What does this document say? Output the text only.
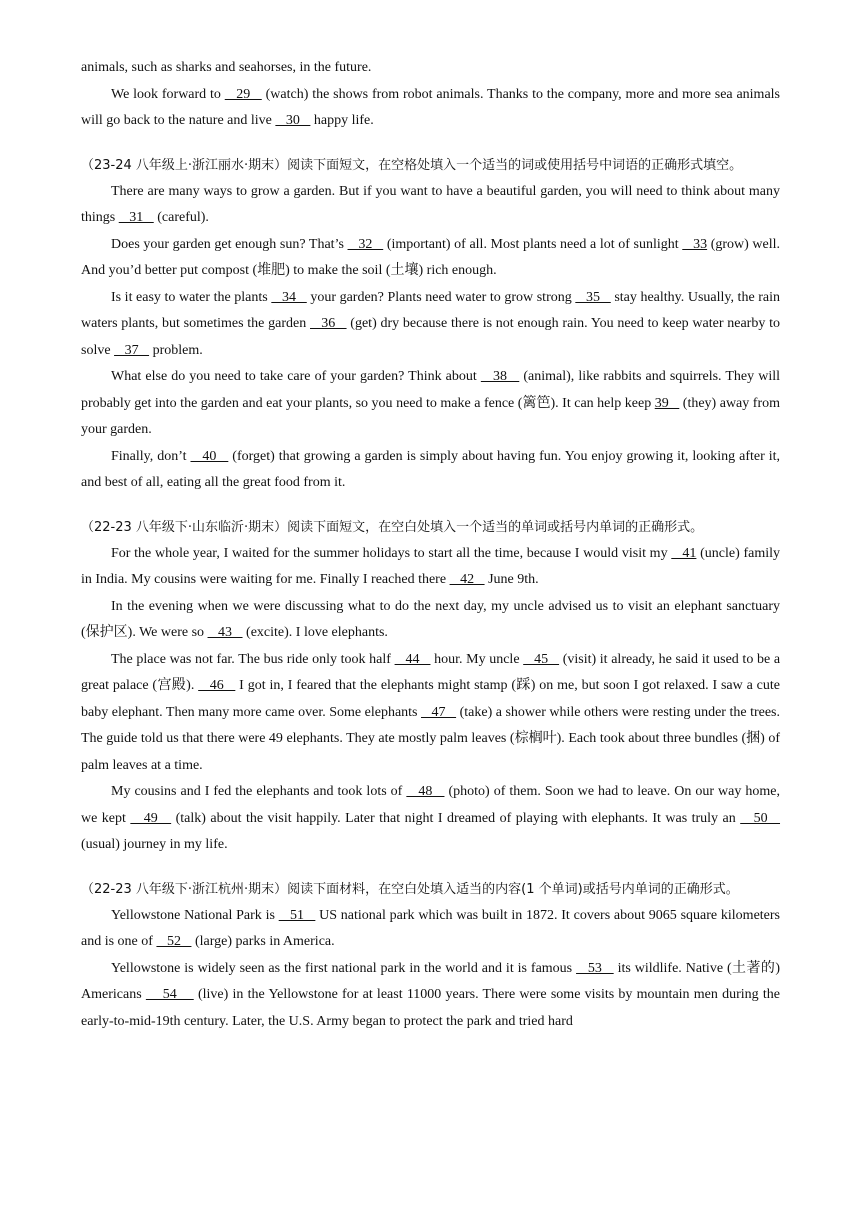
animals, such as sharks and seahorses, in the future.

We look forward to    29    (watch) the shows from robot animals. Thanks to the company, more and more sea animals will go back to the nature and live    30    happy life.

（23-24 八年级上·浙江丽水·期末）阅读下面短文，在空格处填入一个适当的词或使用括号中词语的正确形式填空。

There are many ways to grow a garden. But if you want to have a beautiful garden, you will need to think about many things    31    (careful).

Does your garden get enough sun? That’s    32    (important) of all. Most plants need a lot of sunlight    33 (grow) well. And you’d better put compost (堆肥) to make the soil (土壤) rich enough.

Is it easy to water the plants    34    your garden? Plants need water to grow strong    35    stay healthy. Usually, the rain waters plants, but sometimes the garden    36    (get) dry because there is not enough rain. You need to keep water nearby to solve    37    problem.

What else do you need to take care of your garden? Think about    38    (animal), like rabbits and squirrels. They will probably get into the garden and eat your plants, so you need to make a fence (篱笆). It can help keep 39    (they) away from your garden.

Finally, don’t    40    (forget) that growing a garden is simply about having fun. You enjoy growing it, looking after it, and best of all, eating all the great food from it.

（22-23 八年级下·山东临沂·期末）阅读下面短文，在空白处填入一个适当的单词或括号内单词的正确形式。

For the whole year, I waited for the summer holidays to start all the time, because I would visit my    41 (uncle) family in India. My cousins were waiting for me. Finally I reached there    42    June 9th.

In the evening when we were discussing what to do the next day, my uncle advised us to visit an elephant sanctuary (保护区). We were so    43    (excite). I love elephants.

The place was not far. The bus ride only took half    44    hour. My uncle    45    (visit) it already, he said it used to be a great palace (宫殿).    46    I got in, I feared that the elephants might stamp (踩) on me, but soon I got relaxed. I saw a cute baby elephant. Then many more came over. Some elephants    47    (take) a shower while others were resting under the trees. The guide told us that there were 49 elephants. They ate mostly palm leaves (棕榈叶). Each took about three bundles (捆) of palm leaves at a time.

My cousins and I fed the elephants and took lots of    48    (photo) of them. Soon we had to leave. On our way home, we kept    49    (talk) about the visit happily. Later that night I dreamed of playing with elephants. It was truly an    50    (usual) journey in my life.

（22-23 八年级下·浙江杭州·期末）阅读下面材料，在空白处填入适当的内容(1 个单词)或括号内单词的正确形式。

Yellowstone National Park is    51    US national park which was built in 1872. It covers about 9065 square kilometers and is one of    52    (large) parks in America.

Yellowstone is widely seen as the first national park in the world and it is famous    53    its wildlife. Native (土著的) Americans     54     (live) in the Yellowstone for at least 11000 years. There were some visits by mountain men during the early-to-mid-19th century. Later, the U.S. Army began to protect the park and tried hard
